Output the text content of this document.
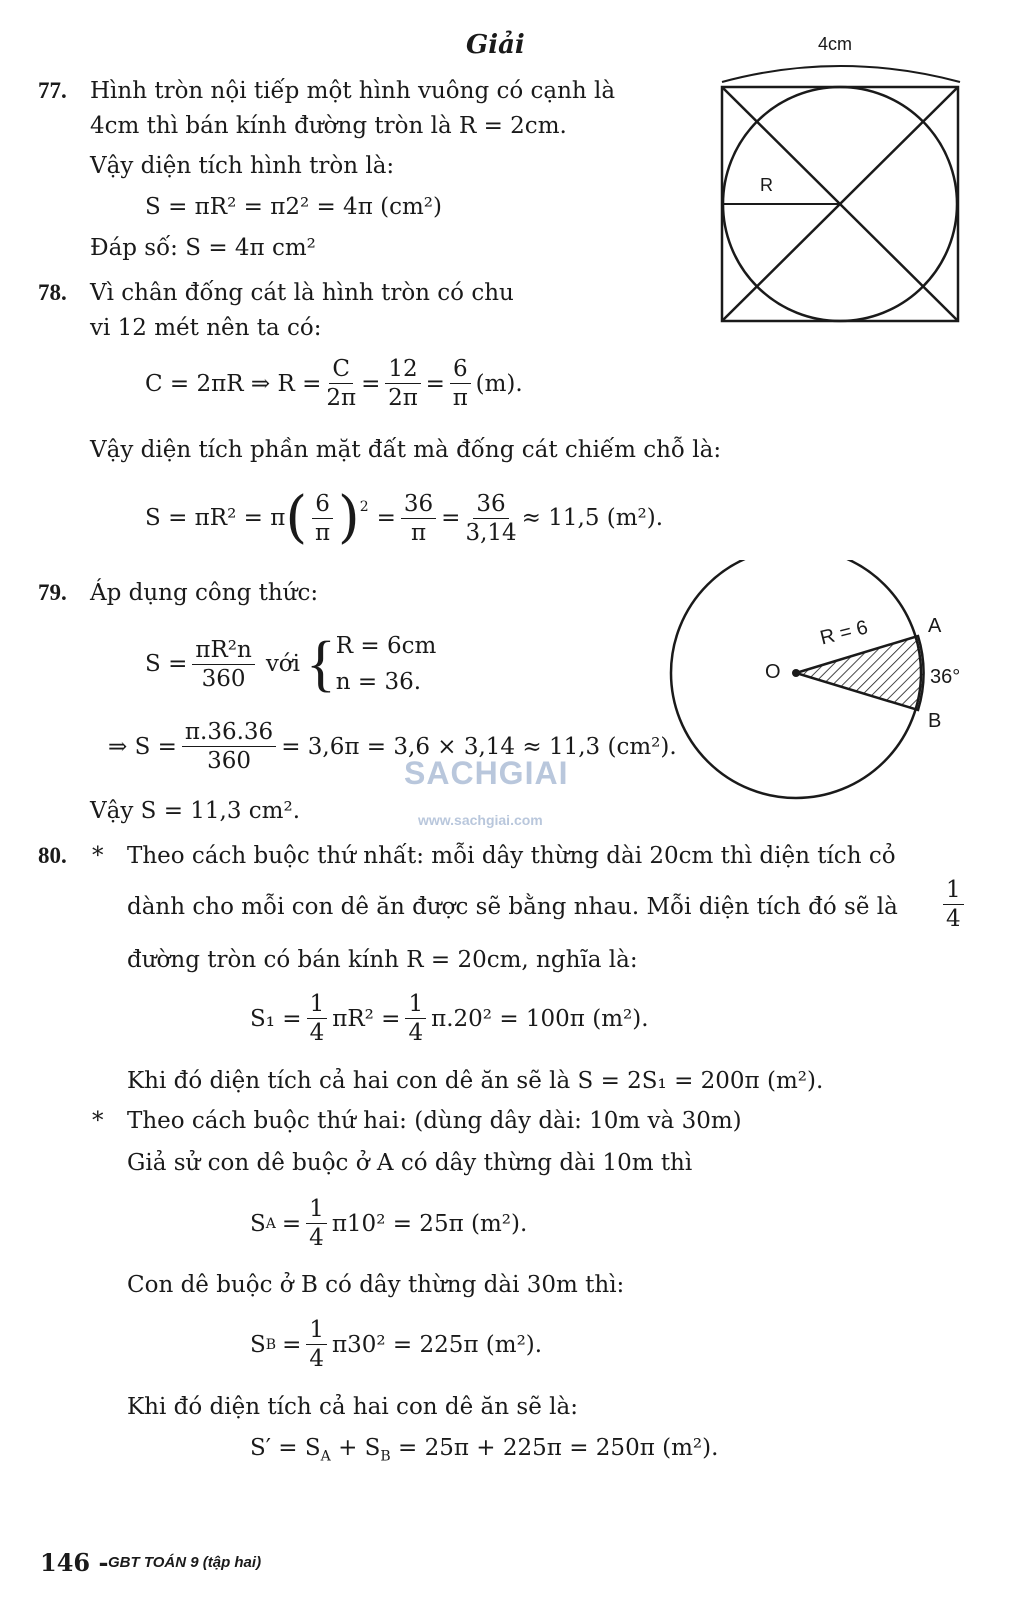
Giải	4cm
R
77. Hình tròn nội tiếp một hình vuông có cạnh là
4cm thì bán kính đường tròn là R = 2cm.
Vậy diện tích hình tròn là:
S = πR² = π2² = 4π (cm²)
Đáp số: S = 4π cm²
78. Vì chân đống cát là hình tròn có chu
vi 12 mét nên ta có:
C = 2πR ⇒ $R = \frac{C}{2\pi} = \frac{12}{2\pi} = \frac{6}{\pi} (m)$.
Vậy diện tích phần mặt đất mà đống cát chiếm chỗ là:
S = πR² = π ( $\frac{6}{\pi}$ ) $2 = \frac{36}{\pi} = \frac{36}{3,14} \approx 11,5$ (m²).
R = 6
O
A
B
36°
79. Áp dụng công thức:
$S = \frac{\text{πR²n}}{360}$ với { R = 6cm
n = 36.
⇒ $S = \frac{\pi.36.36}{360} = 3,6\pi = 3,6 \times 3,14 \approx 11,3$ (cm²).
SACHGIAI
www.sachgiai.com
Vậy S = 11,3 cm².
80. * Theo cách buộc thứ nhất: mỗi dây thừng dài 20cm thì diện tích cỏ
dành cho mỗi con dê ăn được sẽ bằng nhau. Mỗi diện tích đó sẽ là $\frac{1}{4}$
đường tròn có bán kính R = 20cm, nghĩa là:
$S_1 = \frac{1}{4} \pi R^2 = \frac{1}{4} \pi.20^2 = 100\pi$ (m²).
Khi đó diện tích cả hai con dê ăn sẽ là S = 2S₁ = 200π (m²).
* Theo cách buộc thứ hai: (dùng dây dài: 10m và 30m)
Giả sử con dê buộc ở A có dây thừng dài 10m thì
S $A = \frac{1}{4} \pi 10^2 = 25\pi$ (m²).
Con dê buộc ở B có dây thừng dài 30m thì:
S $B = \frac{1}{4} \pi 30^2 = 225\pi$ (m²).
Khi đó diện tích cả hai con dê ăn sẽ là:
$S' = S_A + S_B = 25\pi + 225\pi = 250\pi$ (m²).
146 - GBT TOÁN 9 (tập hai)
